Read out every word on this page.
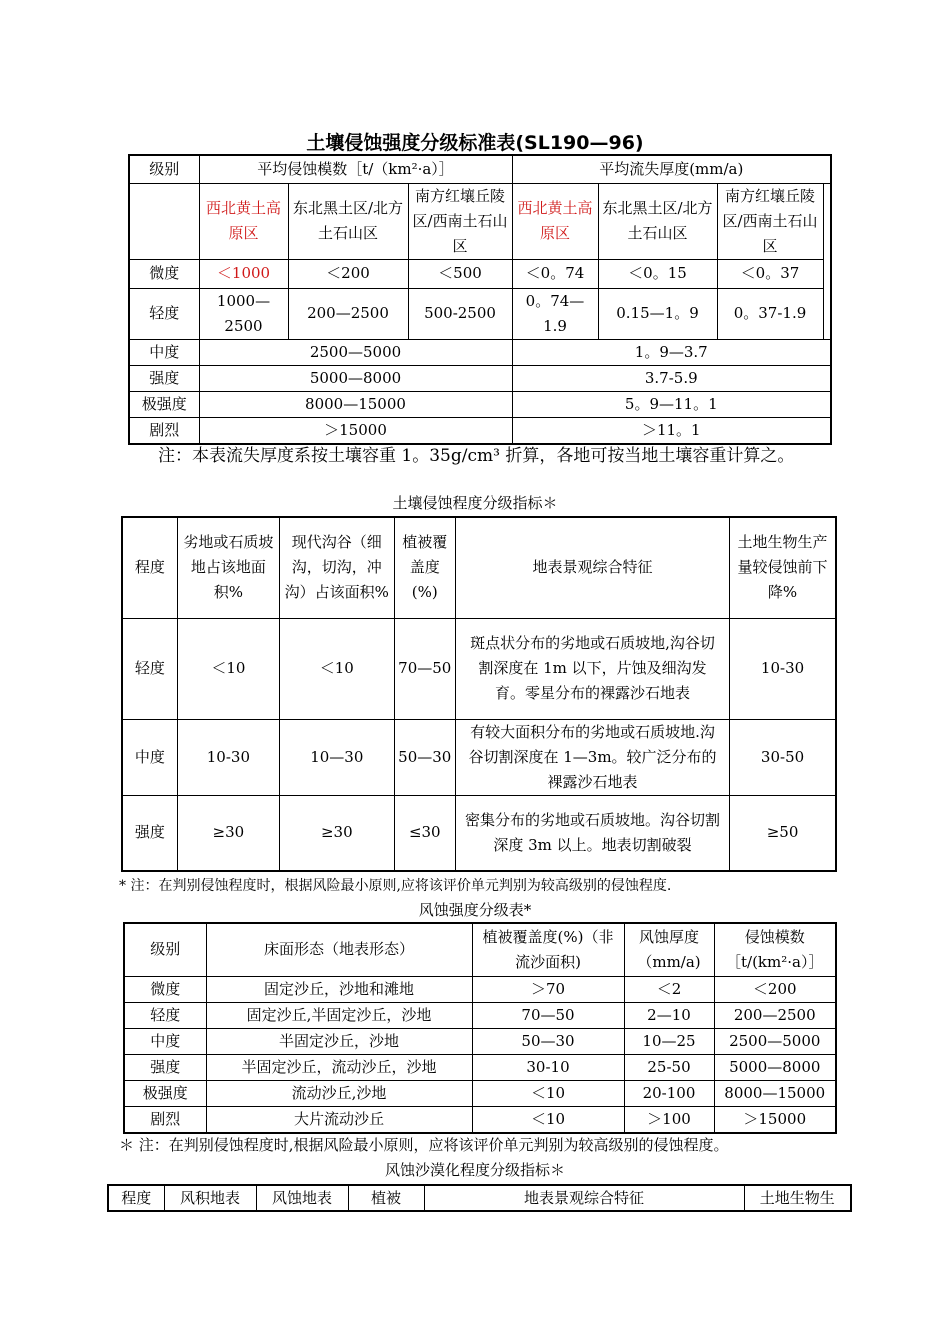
土壤侵蚀强度分级标准表(SL190—96)
级别	平均侵蚀模数［t/（km²·a）］			平均流失厚度(mm/a)			
	西北黄土高原区	东北黑土区/北方土石山区	南方红壤丘陵区/西南土石山区	西北黄土高原区	东北黑土区/北方土石山区	南方红壤丘陵区/西南土石山区	
微度	＜1000	＜200	＜500	＜0。74	＜0。15	＜0。37	
轻度	1000—2500	200—2500	500-2500	0。74—1.9	0.15—1。9	0。37-1.9	
中度	2500—5000			1。9—3.7			
强度	5000—8000			3.7-5.9			
极强度	8000—15000			5。9—11。1			
剧烈	＞15000			＞11。1			
注：本表流失厚度系按土壤容重 1。35g/cm³ 折算，各地可按当地土壤容重计算之。
土壤侵蚀程度分级指标＊
程度	劣地或石质坡地占该地面积%	现代沟谷（细沟，切沟，冲沟）占该面积%	植被覆盖度(%)	地表景观综合特征	土地生物生产量较侵蚀前下降%
轻度	＜10	＜10	70—50	斑点状分布的劣地或石质坡地,沟谷切割深度在 1m 以下，片蚀及细沟发育。零星分布的裸露沙石地表	10-30
中度	10-30	10—30	50—30	有较大面积分布的劣地或石质坡地.沟谷切割深度在 1—3m。较广泛分布的裸露沙石地表	30-50
强度	≥30	≥30	≤30	密集分布的劣地或石质坡地。沟谷切割深度 3m 以上。地表切割破裂	≥50
* 注：在判别侵蚀程度时，根据风险最小原则,应将该评价单元判别为较高级别的侵蚀程度.
风蚀强度分级表*
级别	床面形态（地表形态）	植被覆盖度(%)（非流沙面积)	风蚀厚度（mm/a)	侵蚀模数［t/(km²·a）］
微度	固定沙丘，沙地和滩地	＞70	＜2	＜200
轻度	固定沙丘,半固定沙丘，沙地	70—50	2—10	200—2500
中度	半固定沙丘，沙地	50—30	10—25	2500—5000
强度	半固定沙丘，流动沙丘，沙地	30-10	25-50	5000—8000
极强度	流动沙丘,沙地	＜10	20-100	8000—15000
剧烈	大片流动沙丘	＜10	＞100	＞15000
＊ 注：在判别侵蚀程度时,根据风险最小原则，应将该评价单元判别为较高级别的侵蚀程度。
风蚀沙漠化程度分级指标＊
程度	风积地表	风蚀地表	植被	地表景观综合特征	土地生物生
